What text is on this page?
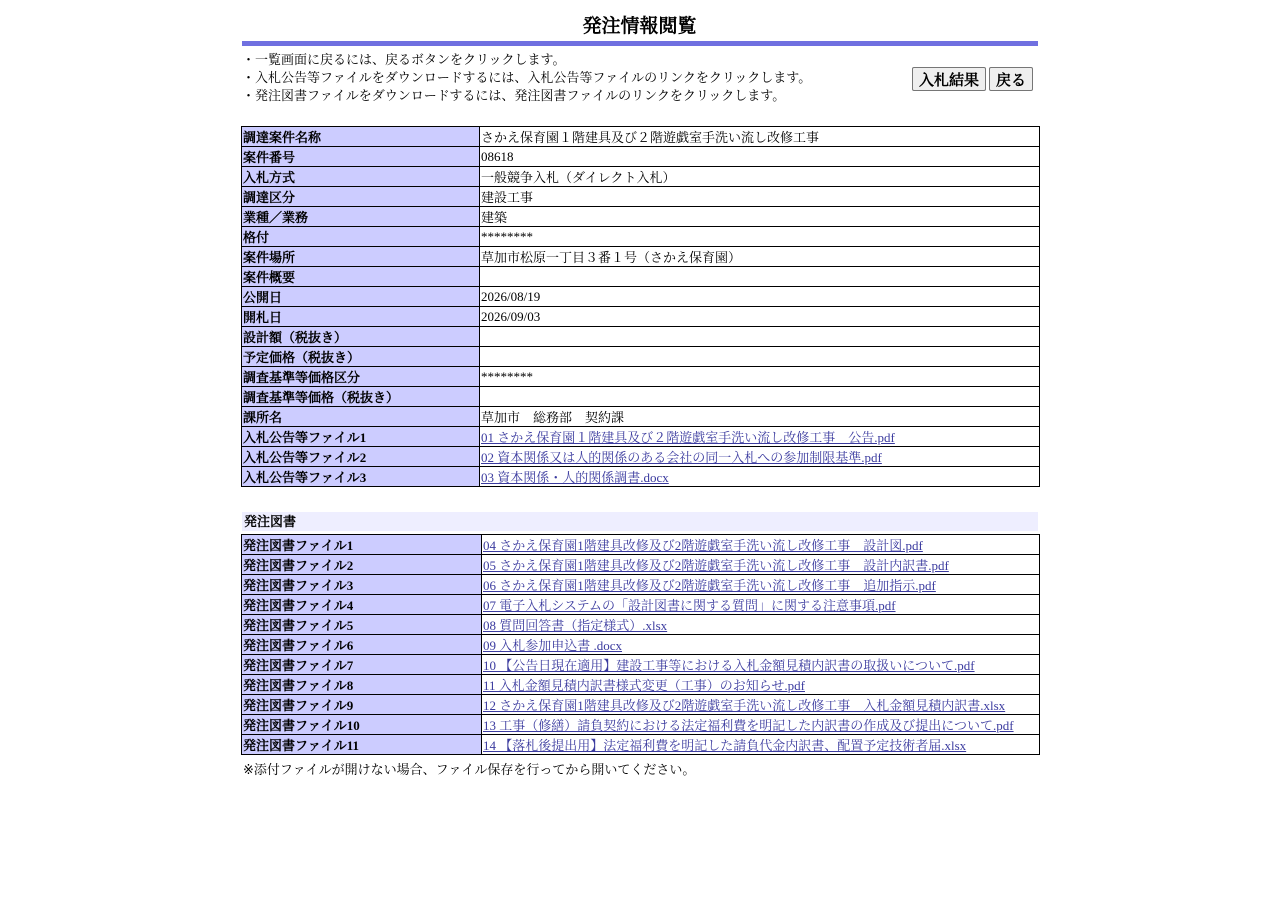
発注情報閲覧
・一覧画面に戻るには、戻るボタンをクリックします。
・入札公告等ファイルをダウンロードするには、入札公告等ファイルのリンクをクリックします。
・発注図書ファイルをダウンロードするには、発注図書ファイルのリンクをクリックします。
入札結果	戻る
調達案件名称	さかえ保育園１階建具及び２階遊戯室手洗い流し改修工事
案件番号	08618
入札方式	一般競争入札（ダイレクト入札）
調達区分	建設工事
業種／業務	建築
格付	********
案件場所	草加市松原一丁目３番１号（さかえ保育園）
案件概要	
公開日	2026/08/19
開札日	2026/09/03
設計額（税抜き）	
予定価格（税抜き）	
調査基準等価格区分	********
調査基準等価格（税抜き）	
課所名	草加市　総務部　契約課
入札公告等ファイル1	01 さかえ保育園１階建具及び２階遊戯室手洗い流し改修工事　公告.pdf
入札公告等ファイル2	02 資本関係又は人的関係のある会社の同一入札への参加制限基準.pdf
入札公告等ファイル3	03 資本関係・人的関係調書.docx
発注図書
発注図書ファイル1	04 さかえ保育園1階建具改修及び2階遊戯室手洗い流し改修工事　設計図.pdf
発注図書ファイル2	05 さかえ保育園1階建具改修及び2階遊戯室手洗い流し改修工事　設計内訳書.pdf
発注図書ファイル3	06 さかえ保育園1階建具改修及び2階遊戯室手洗い流し改修工事　追加指示.pdf
発注図書ファイル4	07 電子入札システムの「設計図書に関する質問」に関する注意事項.pdf
発注図書ファイル5	08 質問回答書（指定様式）.xlsx
発注図書ファイル6	09 入札参加申込書 .docx
発注図書ファイル7	10 【公告日現在適用】建設工事等における入札金額見積内訳書の取扱いについて.pdf
発注図書ファイル8	11 入札金額見積内訳書様式変更（工事）のお知らせ.pdf
発注図書ファイル9	12 さかえ保育園1階建具改修及び2階遊戯室手洗い流し改修工事　入札金額見積内訳書.xlsx
発注図書ファイル10	13 工事（修繕）請負契約における法定福利費を明記した内訳書の作成及び提出について.pdf
発注図書ファイル11	14 【落札後提出用】法定福利費を明記した請負代金内訳書、配置予定技術者届.xlsx
※添付ファイルが開けない場合、ファイル保存を行ってから開いてください。
